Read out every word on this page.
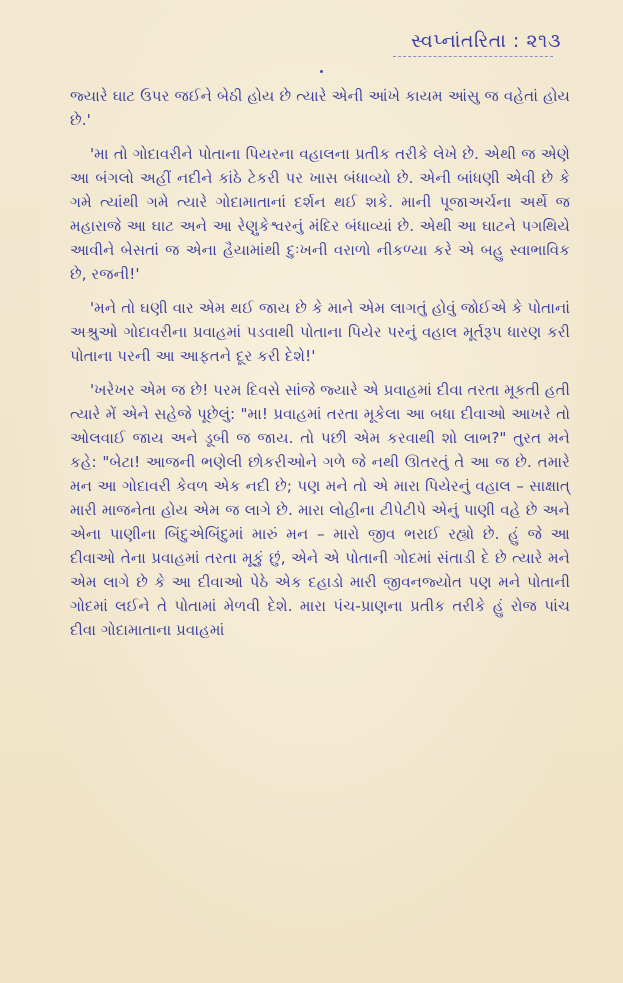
સ્વપ્નાંતરિતા : ૨૧૩

જ્યારે ઘાટ ઉપર જઈને બેઠી હોય છે ત્યારે એની આંખે કાયમ આંસુ જ વહેતાં હોય છે.'

'મા તો ગોદાવરીને પોતાના પિયરના વહાલના પ્રતીક તરીકે લેખે છે. એથી જ એણે આ બંગલો અહીં નદીને કાંઠે ટેકરી પર ખાસ બંધાવ્યો છે. એની બાંધણી એવી છે કે ગમે ત્યાંથી ગમે ત્યારે ગોદામાતાનાં દર્શન થઈ શકે. માની પૂજાઅર્ચના અર્થે જ મહારાજે આ ઘાટ અને આ રેણુકેશ્વરનું મંદિર બંધાવ્યાં છે. એથી આ ઘાટને પગથિયે આવીને બેસતાં જ એના હૈયામાંથી દુઃખની વરાળો નીકળ્યા કરે એ બહુ સ્વાભાવિક છે, રજની!'

'મને તો ઘણી વાર એમ થઈ જાય છે કે માને એમ લાગતું હોવું જોઈએ કે પોતાનાં અશ્રુઓ ગોદાવરીના પ્રવાહમાં પડવાથી પોતાના પિયેર પરનું વહાલ મૂર્તરૂપ ધારણ કરી પોતાના પરની આ આફતને દૂર કરી દેશે!'

'ખરેખર એમ જ છે! પરમ દિવસે સાંજે જ્યારે એ પ્રવાહમાં દીવા તરતા મૂકતી હતી ત્યારે મેં એને સહેજે પૂછેલું: "મા! પ્રવાહમાં તરતા મૂકેલા આ બધા દીવાઓ આખરે તો ઓલવાઈ જાય અને ડૂબી જ જાય. તો પછી એમ કરવાથી શો લાભ?" તુરત મને કહે: "બેટા! આજની ભણેલી છોકરીઓને ગળે જે નથી ઊતરતું તે આ જ છે. તમારે મન આ ગોદાવરી કેવળ એક નદી છે; પણ મને તો એ મારા પિયેરનું વહાલ – સાક્ષાત્ મારી માજનેતા હોય એમ જ લાગે છે. મારા લોહીના ટીપેટીપે એનું પાણી વહે છે અને એના પાણીના બિંદુએબિંદુમાં મારું મન – મારો જીવ ભરાઈ રહ્યો છે. હું જે આ દીવાઓ તેના પ્રવાહમાં તરતા મૂકું છું, એને એ પોતાની ગોદમાં સંતાડી દે છે ત્યારે મને એમ લાગે છે કે આ દીવાઓ પેઠે એક દહાડો મારી જીવનજ્યોત પણ મને પોતાની ગોદમાં લઈને તે પોતામાં મેળવી દેશે. મારા પંચ-પ્રાણના પ્રતીક તરીકે હું રોજ પાંચ દીવા ગોદામાતાના પ્રવાહમાં
